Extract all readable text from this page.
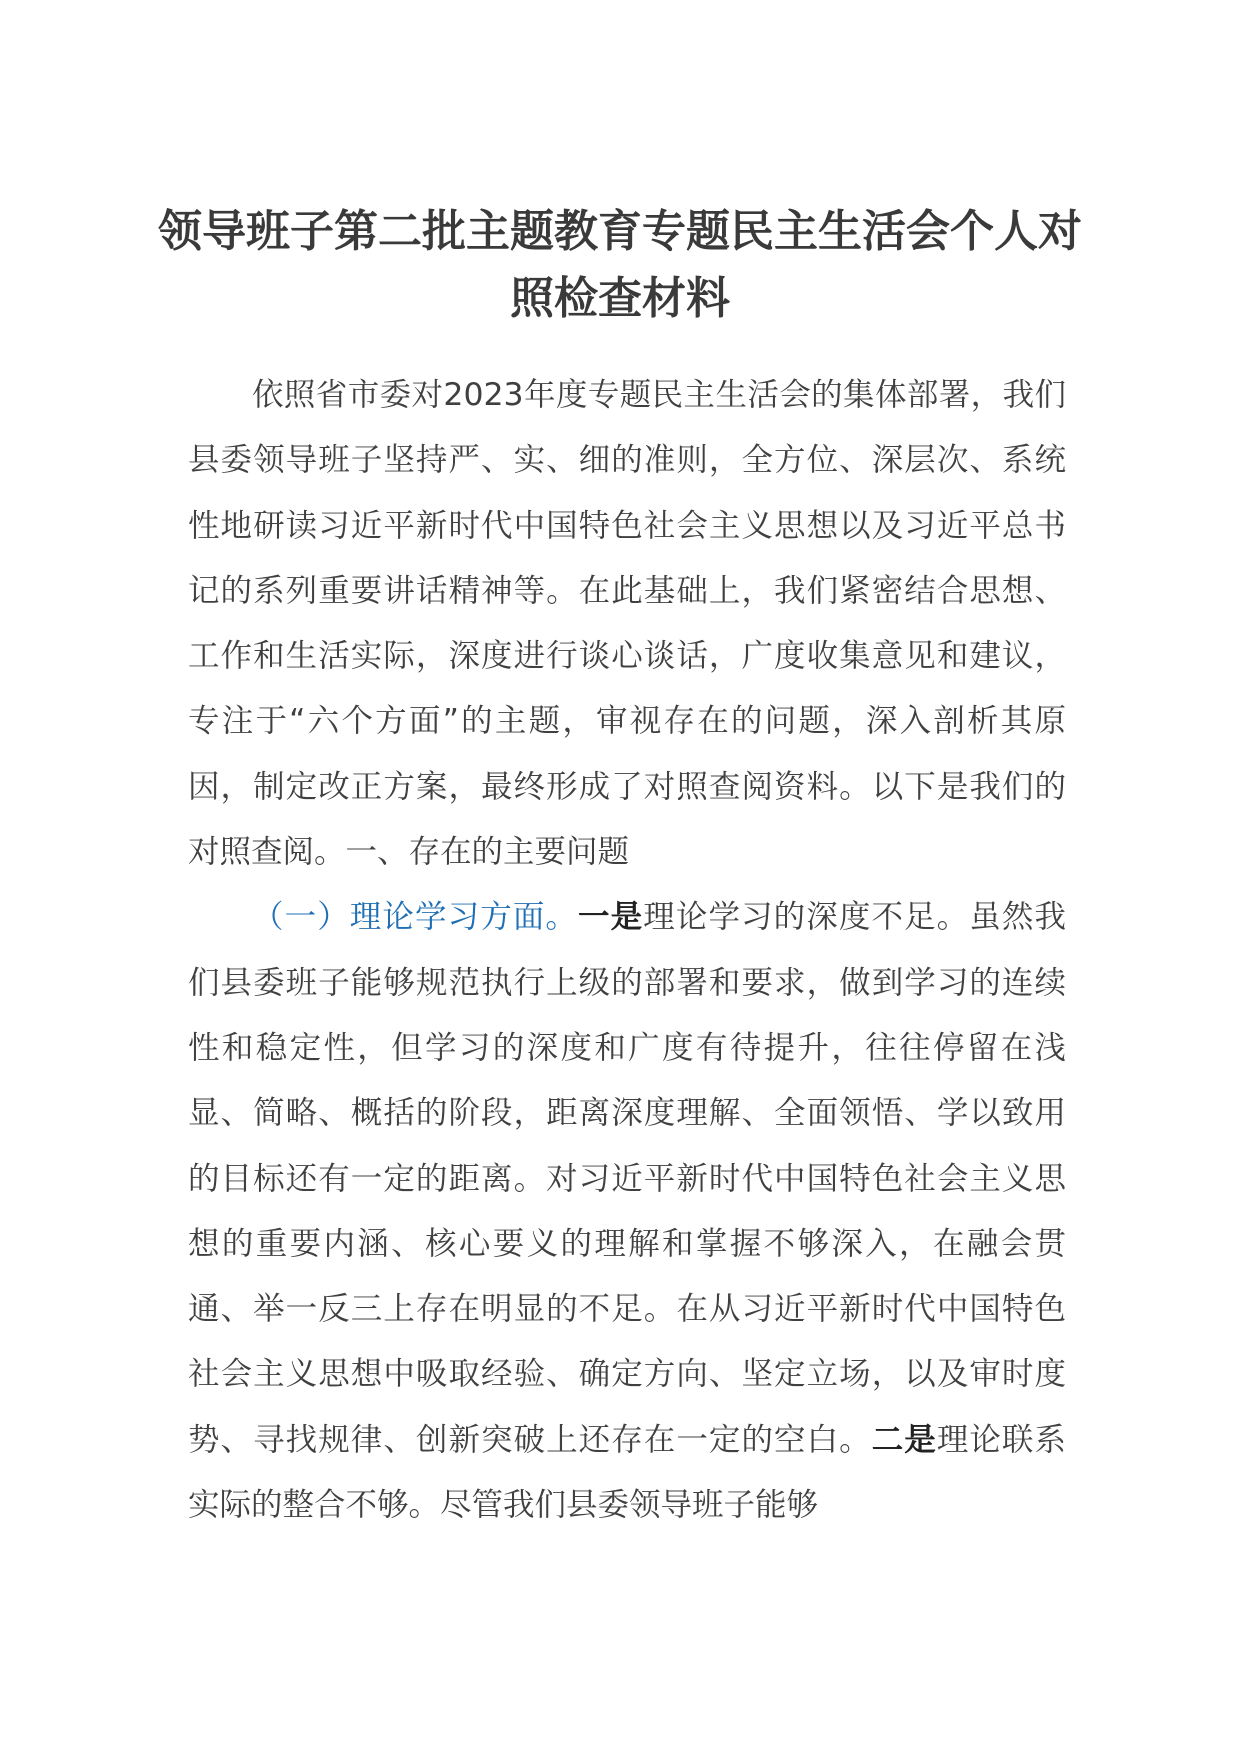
领导班子第二批主题教育专题民主生活会个人对照检查材料

依照省市委对2023年度专题民主生活会的集体部署，我们县委领导班子坚持严、实、细的准则，全方位、深层次、系统性地研读习近平新时代中国特色社会主义思想以及习近平总书记的系列重要讲话精神等。在此基础上，我们紧密结合思想、工作和生活实际，深度进行谈心谈话，广度收集意见和建议，专注于“六个方面”的主题，审视存在的问题，深入剖析其原因，制定改正方案，最终形成了对照查阅资料。以下是我们的对照查阅。一、存在的主要问题

（一）理论学习方面。一是理论学习的深度不足。虽然我们县委班子能够规范执行上级的部署和要求，做到学习的连续性和稳定性，但学习的深度和广度有待提升，往往停留在浅显、简略、概括的阶段，距离深度理解、全面领悟、学以致用的目标还有一定的距离。对习近平新时代中国特色社会主义思想的重要内涵、核心要义的理解和掌握不够深入，在融会贯通、举一反三上存在明显的不足。在从习近平新时代中国特色社会主义思想中吸取经验、确定方向、坚定立场，以及审时度势、寻找规律、创新突破上还存在一定的空白。二是理论联系实际的整合不够。尽管我们县委领导班子能够
